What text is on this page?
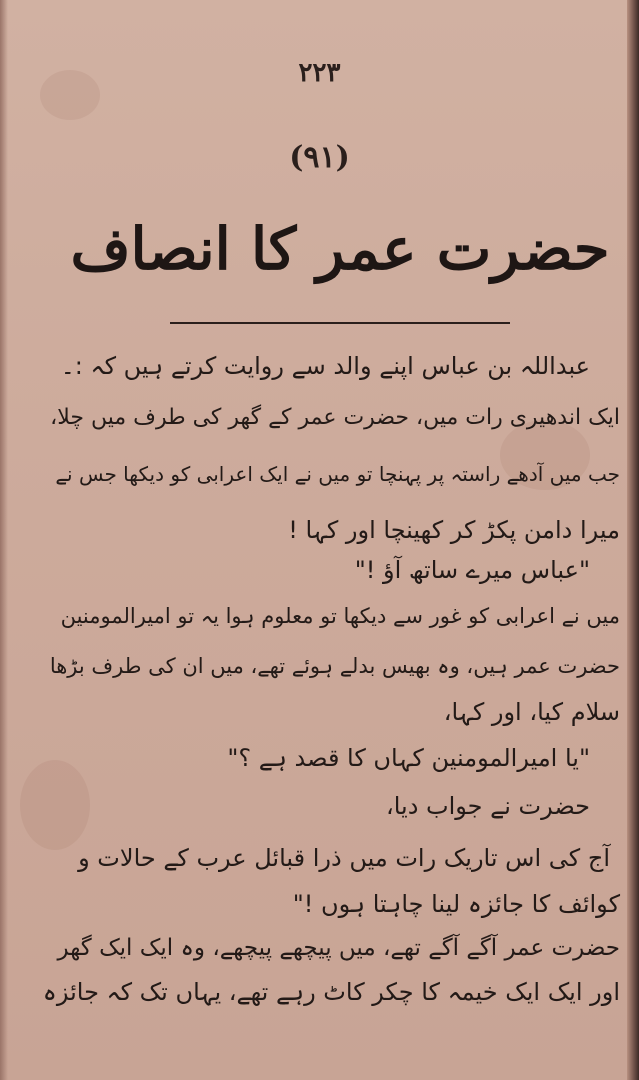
۲۲۳
(۹۱)
حضرت عمر کا انصاف
عبداللہ بن عباس اپنے والد سے روایت کرتے ہیں کہ :۔
ایک اندھیری رات میں، حضرت عمر کے گھر کی طرف میں چلا،
جب میں آدھے راستہ پر پہنچا تو میں نے ایک اعرابی کو دیکھا جس نے
میرا دامن پکڑ کر کھینچا اور کہا !
"عباس میرے ساتھ آؤ !"
میں نے اعرابی کو غور سے دیکھا تو معلوم ہوا یہ تو امیرالمومنین
حضرت عمر ہیں، وہ بھیس بدلے ہوئے تھے، میں ان کی طرف بڑھا
سلام کیا، اور کہا،
"یا امیرالمومنین کہاں کا قصد ہے ؟"
حضرت نے جواب دیا،
آج کی اس تاریک رات میں ذرا قبائل عرب کے حالات و
کوائف کا جائزہ لینا چاہتا ہوں !"
حضرت عمر آگے آگے تھے، میں پیچھے پیچھے، وہ ایک ایک گھر
اور ایک ایک خیمہ کا چکر کاٹ رہے تھے، یہاں تک کہ جائزہ
